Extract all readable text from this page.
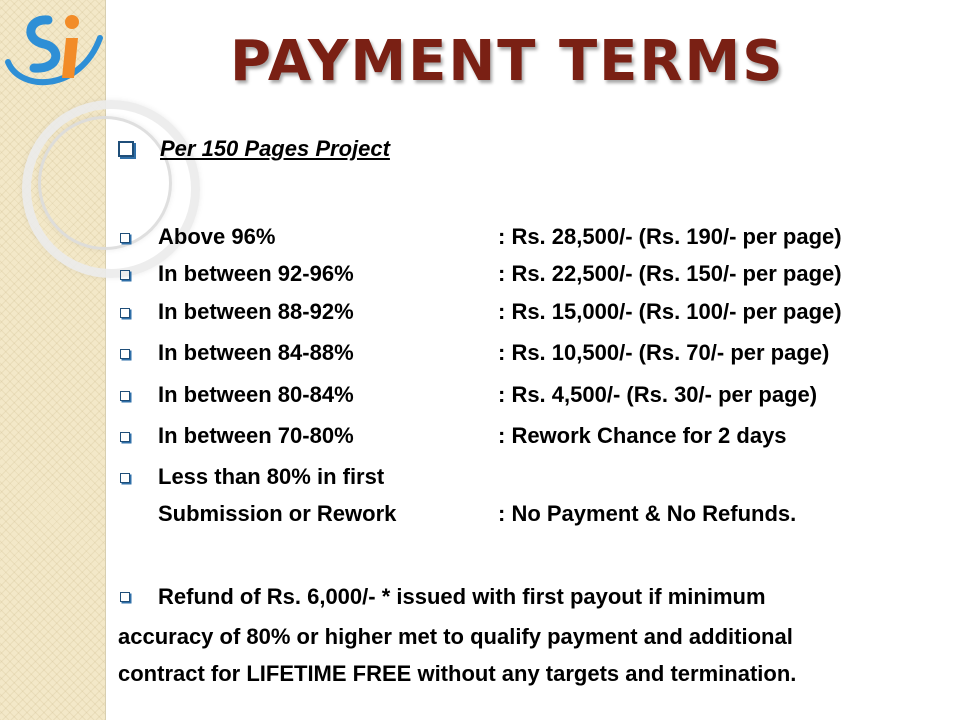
PAYMENT TERMS
Per 150 Pages Project
Above 96%	: Rs. 28,500/- (Rs. 190/- per page)
In between 92-96%	: Rs. 22,500/- (Rs. 150/- per page)
In between 88-92%	: Rs. 15,000/- (Rs. 100/- per page)
In between 84-88%	: Rs. 10,500/- (Rs. 70/- per page)
In between 80-84%	: Rs. 4,500/- (Rs. 30/- per page)
In between 70-80%	: Rework Chance for 2 days
Less than 80% in first
Submission or Rework	: No Payment & No Refunds.
Refund of Rs. 6,000/- * issued with first payout if minimum
accuracy of 80% or higher met to qualify payment and additional
contract for LIFETIME FREE without any targets and termination.
